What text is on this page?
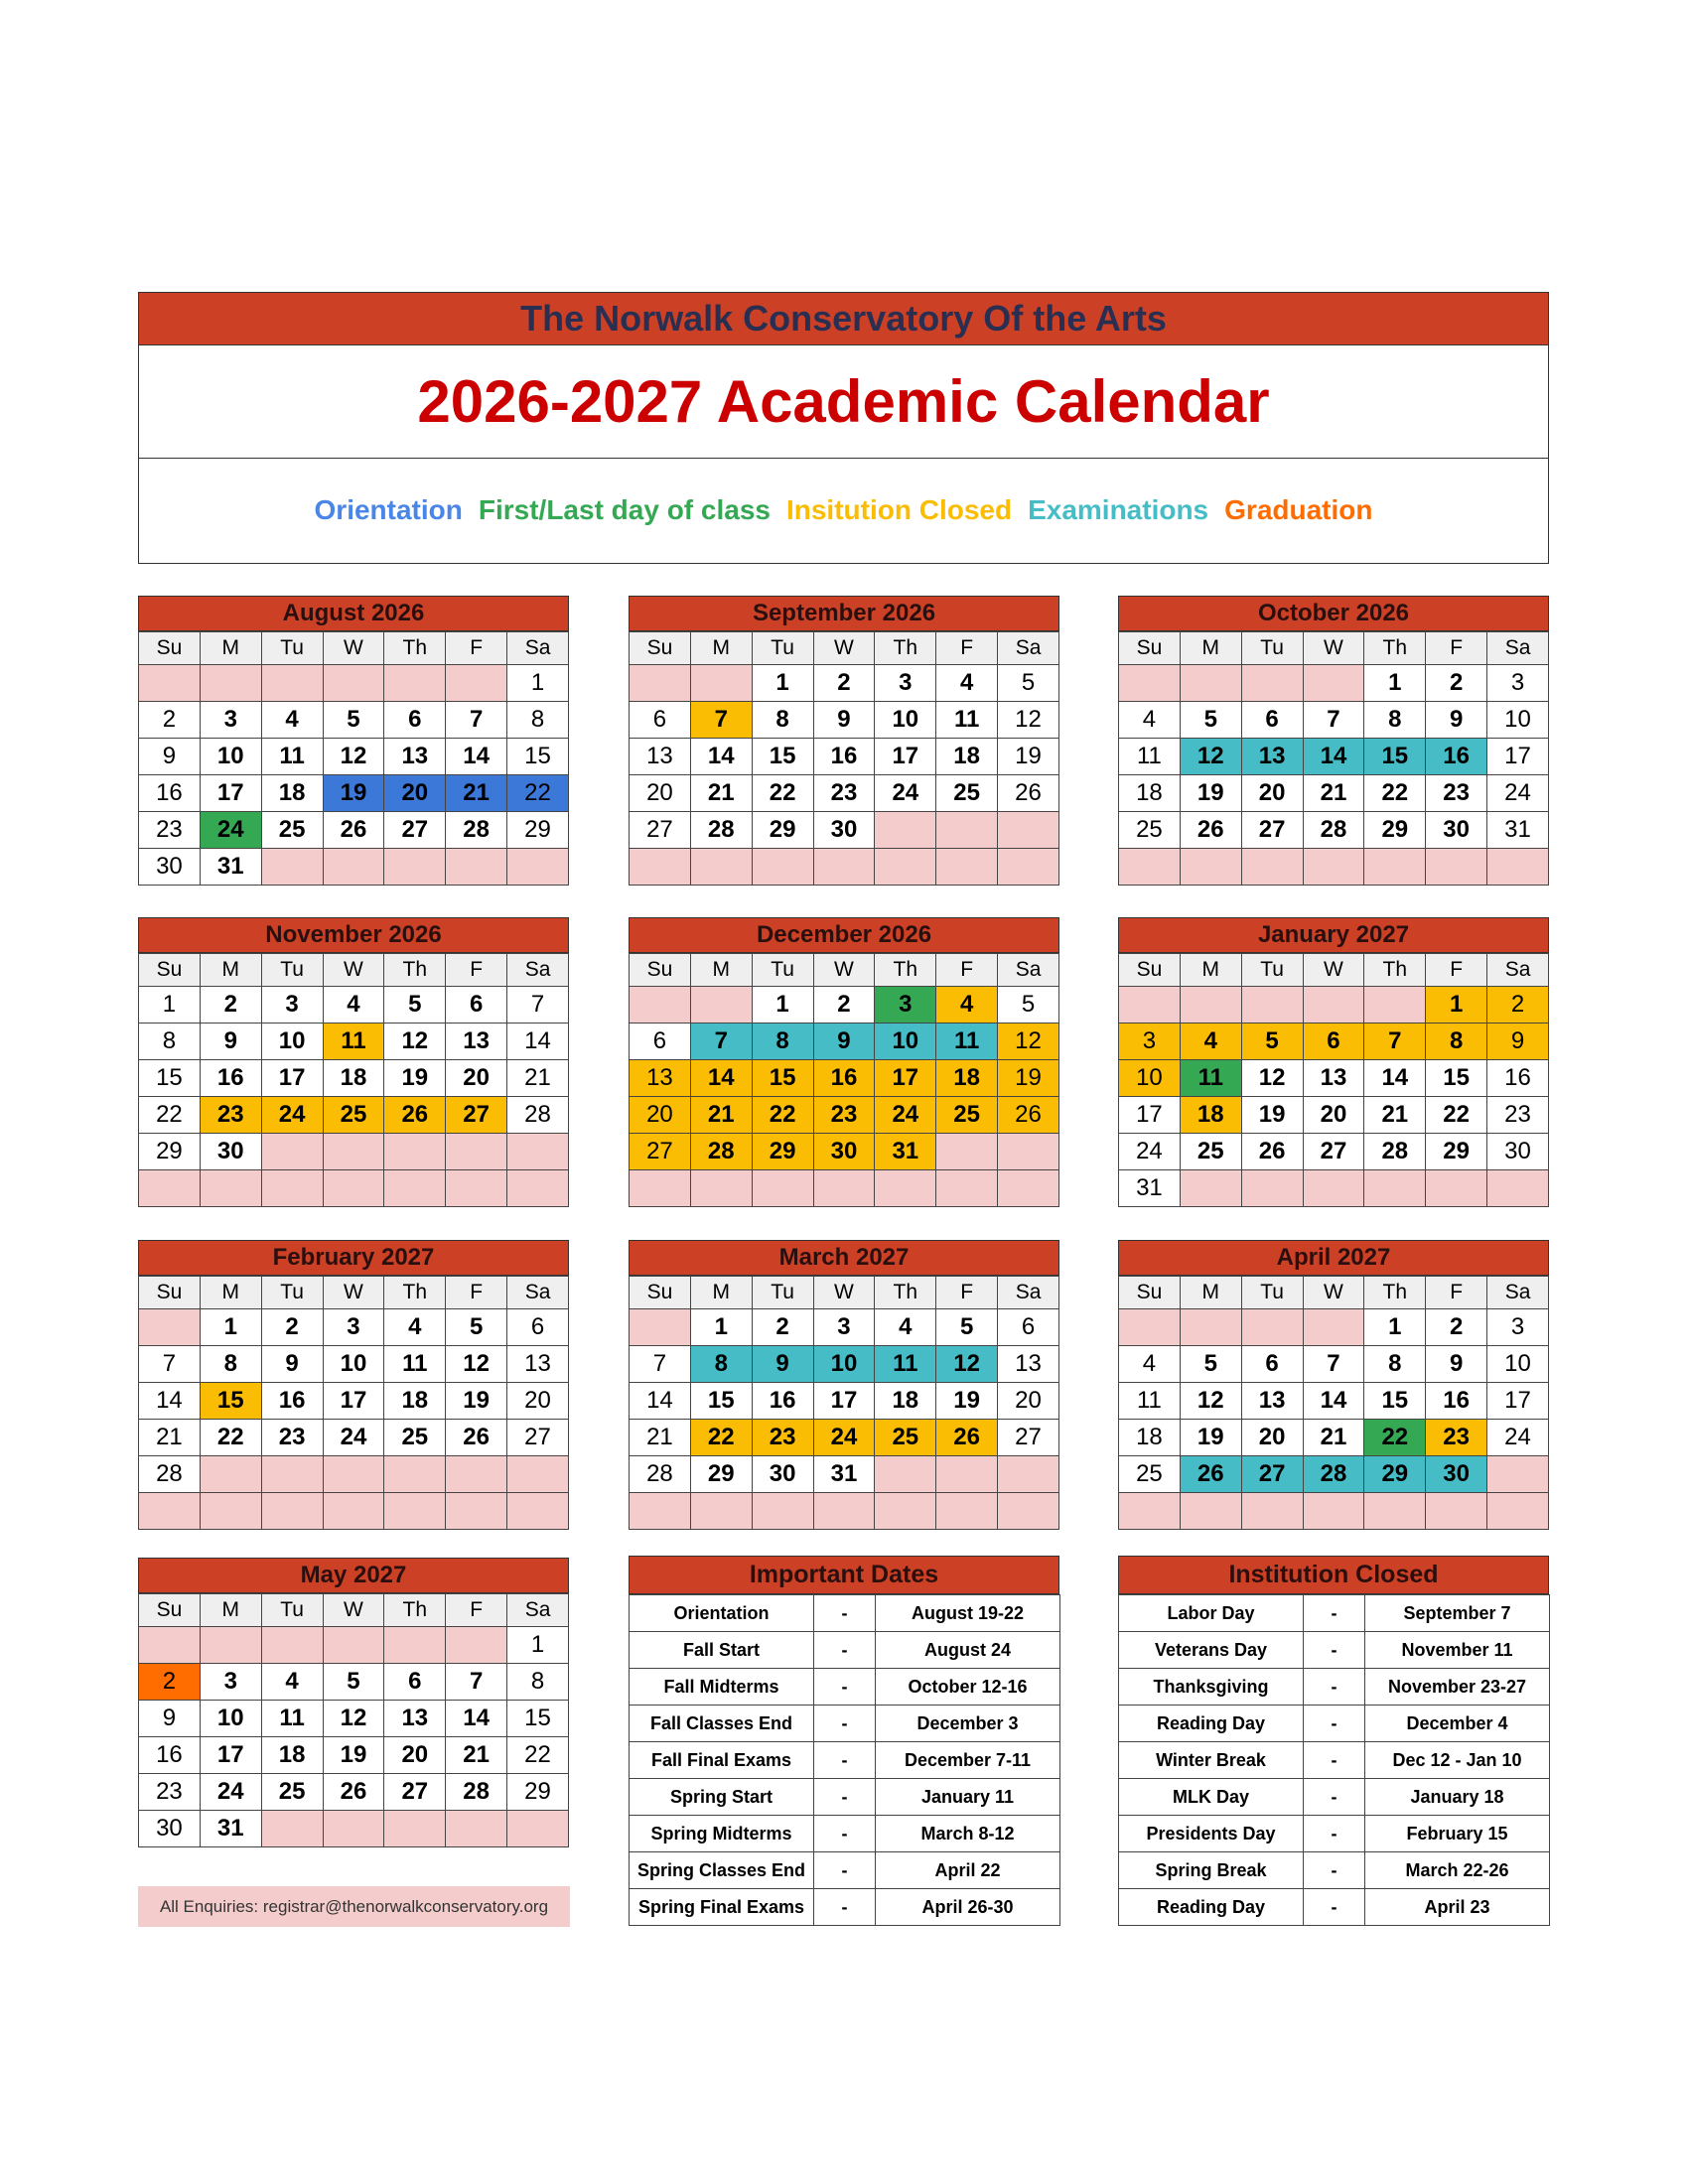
The Norwalk Conservatory Of the Arts
2026-2027 Academic Calendar
Orientation First/Last day of class Insitution Closed Examinations Graduation
August 2026
Su	M	Tu	W	Th	F	Sa
						1
2	3	4	5	6	7	8
9	10	11	12	13	14	15
16	17	18	19	20	21	22
23	24	25	26	27	28	29
30	31					
September 2026
Su	M	Tu	W	Th	F	Sa
		1	2	3	4	5
6	7	8	9	10	11	12
13	14	15	16	17	18	19
20	21	22	23	24	25	26
27	28	29	30			

October 2026
Su	M	Tu	W	Th	F	Sa
				1	2	3
4	5	6	7	8	9	10
11	12	13	14	15	16	17
18	19	20	21	22	23	24
25	26	27	28	29	30	31

November 2026
Su	M	Tu	W	Th	F	Sa
1	2	3	4	5	6	7
8	9	10	11	12	13	14
15	16	17	18	19	20	21
22	23	24	25	26	27	28
29	30					

December 2026
Su	M	Tu	W	Th	F	Sa
		1	2	3	4	5
6	7	8	9	10	11	12
13	14	15	16	17	18	19
20	21	22	23	24	25	26
27	28	29	30	31		

January 2027
Su	M	Tu	W	Th	F	Sa
					1	2
3	4	5	6	7	8	9
10	11	12	13	14	15	16
17	18	19	20	21	22	23
24	25	26	27	28	29	30
31						
February 2027
Su	M	Tu	W	Th	F	Sa
	1	2	3	4	5	6
7	8	9	10	11	12	13
14	15	16	17	18	19	20
21	22	23	24	25	26	27
28						

March 2027
Su	M	Tu	W	Th	F	Sa
	1	2	3	4	5	6
7	8	9	10	11	12	13
14	15	16	17	18	19	20
21	22	23	24	25	26	27
28	29	30	31			

April 2027
Su	M	Tu	W	Th	F	Sa
				1	2	3
4	5	6	7	8	9	10
11	12	13	14	15	16	17
18	19	20	21	22	23	24
25	26	27	28	29	30	

May 2027
Su	M	Tu	W	Th	F	Sa
						1
2	3	4	5	6	7	8
9	10	11	12	13	14	15
16	17	18	19	20	21	22
23	24	25	26	27	28	29
30	31					
Important Dates
Orientation	-	August 19-22
Fall Start	-	August 24
Fall Midterms	-	October 12-16
Fall Classes End	-	December 3
Fall Final Exams	-	December 7-11
Spring Start	-	January 11
Spring Midterms	-	March 8-12
Spring Classes End	-	April 22
Spring Final Exams	-	April 26-30
Institution Closed
Labor Day	-	September 7
Veterans Day	-	November 11
Thanksgiving	-	November 23-27
Reading Day	-	December 4
Winter Break	-	Dec 12 - Jan 10
MLK Day	-	January 18
Presidents Day	-	February 15
Spring Break	-	March 22-26
Reading Day	-	April 23
All Enquiries: registrar@thenorwalkconservatory.org
